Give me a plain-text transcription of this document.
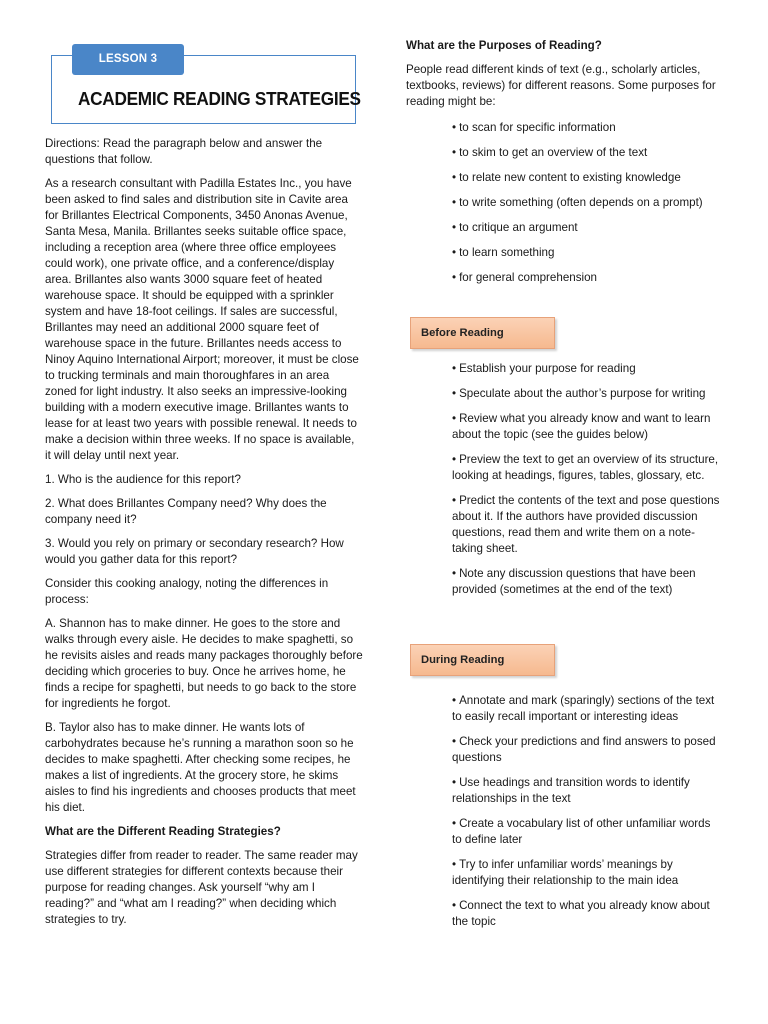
LESSON 3
ACADEMIC READING STRATEGIES

Directions: Read the paragraph below and answer the questions that follow.

As a research consultant with Padilla Estates Inc., you have been asked to find sales and distribution site in Cavite area for Brillantes Electrical Components, 3450 Anonas Avenue, Santa Mesa, Manila. Brillantes seeks suitable office space, including a reception area (where three office employees could work), one private office, and a conference/display area. Brillantes also wants 3000 square feet of heated warehouse space. It should be equipped with a sprinkler system and have 18-foot ceilings. If sales are successful, Brillantes may need an additional 2000 square feet of warehouse space in the future. Brillantes needs access to Ninoy Aquino International Airport; moreover, it must be close to trucking terminals and main thoroughfares in an area zoned for light industry. It also seeks an impressive-looking building with a modern executive image. Brillantes wants to lease for at least two years with possible renewal. It needs to make a decision within three weeks. If no space is available, it will delay until next year.

1. Who is the audience for this report?

2. What does Brillantes Company need? Why does the company need it?

3. Would you rely on primary or secondary research? How would you gather data for this report?

Consider this cooking analogy, noting the differences in process:

A. Shannon has to make dinner. He goes to the store and walks through every aisle. He decides to make spaghetti, so he revisits aisles and reads many packages thoroughly before deciding which groceries to buy. Once he arrives home, he finds a recipe for spaghetti, but needs to go back to the store for ingredients he forgot.

B. Taylor also has to make dinner. He wants lots of carbohydrates because he’s running a marathon soon so he decides to make spaghetti. After checking some recipes, he makes a list of ingredients. At the grocery store, he skims aisles to find his ingredients and chooses products that meet his diet.

What are the Different Reading Strategies?

Strategies differ from reader to reader. The same reader may use different strategies for different contexts because their purpose for reading changes. Ask yourself “why am I reading?” and “what am I reading?” when deciding which strategies to try.

What are the Purposes of Reading?

People read different kinds of text (e.g., scholarly articles, textbooks, reviews) for different reasons. Some purposes for reading might be:

• to scan for specific information
• to skim to get an overview of the text
• to relate new content to existing knowledge
• to write something (often depends on a prompt)
• to critique an argument
• to learn something
• for general comprehension
Before Reading
• Establish your purpose for reading
• Speculate about the author’s purpose for writing
• Review what you already know and want to learn about the topic (see the guides below)
• Preview the text to get an overview of its structure, looking at headings, figures, tables, glossary, etc.
• Predict the contents of the text and pose questions about it. If the authors have provided discussion questions, read them and write them on a note-taking sheet.
• Note any discussion questions that have been provided (sometimes at the end of the text)
During Reading
• Annotate and mark (sparingly) sections of the text to easily recall important or interesting ideas
• Check your predictions and find answers to posed questions
• Use headings and transition words to identify relationships in the text
• Create a vocabulary list of other unfamiliar words to define later
• Try to infer unfamiliar words’ meanings by identifying their relationship to the main idea
• Connect the text to what you already know about the topic
